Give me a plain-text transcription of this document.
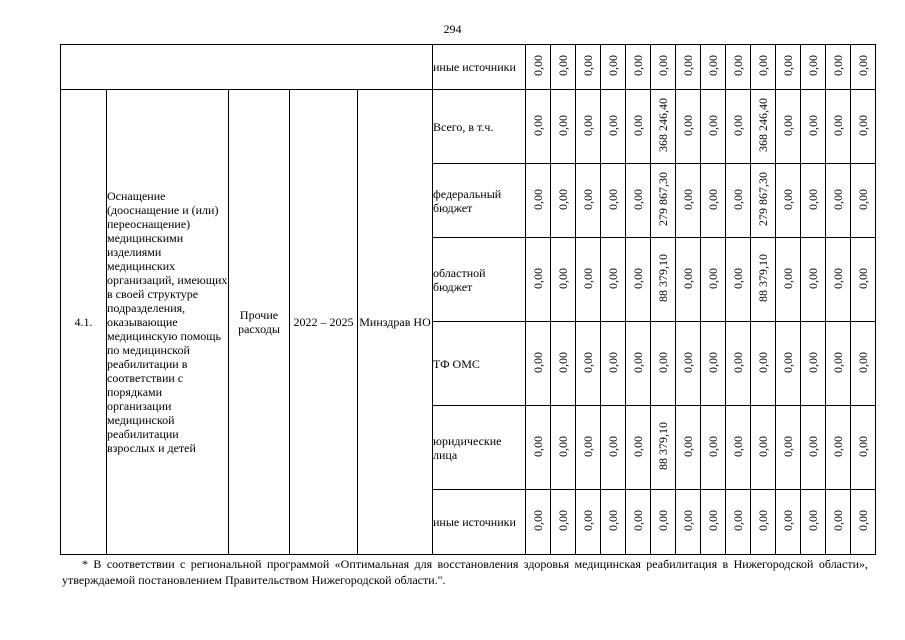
294
					иные источники	0,00	0,00	0,00	0,00	0,00	0,00	0,00	0,00	0,00	0,00	0,00	0,00	0,00	0,00
4.1.	Оснащение (дооснащение и (или) переоснащение) медицинскими изделиями медицинских организаций, имеющих в своей структуре подразделения, оказывающие медицинскую помощь по медицинской реабилитации в соответствии с порядками организации медицинской реабилитации взрослых и детей	Прочие расходы	2022 – 2025	Минздрав НО	Всего, в т.ч.	0,00	0,00	0,00	0,00	0,00	368 246,40	0,00	0,00	0,00	368 246,40	0,00	0,00	0,00	0,00
					федеральный бюджет	0,00	0,00	0,00	0,00	0,00	279 867,30	0,00	0,00	0,00	279 867,30	0,00	0,00	0,00	0,00
					областной бюджет	0,00	0,00	0,00	0,00	0,00	88 379,10	0,00	0,00	0,00	88 379,10	0,00	0,00	0,00	0,00
					ТФ ОМС	0,00	0,00	0,00	0,00	0,00	0,00	0,00	0,00	0,00	0,00	0,00	0,00	0,00	0,00
					юридические лица	0,00	0,00	0,00	0,00	0,00	88 379,10	0,00	0,00	0,00	0,00	0,00	0,00	0,00	0,00
					иные источники	0,00	0,00	0,00	0,00	0,00	0,00	0,00	0,00	0,00	0,00	0,00	0,00	0,00	0,00

* В соответствии с региональной программой «Оптимальная для восстановления здоровья медицинская реабилитация в Нижегородской области», утверждаемой постановлением Правительством Нижегородской области.".
